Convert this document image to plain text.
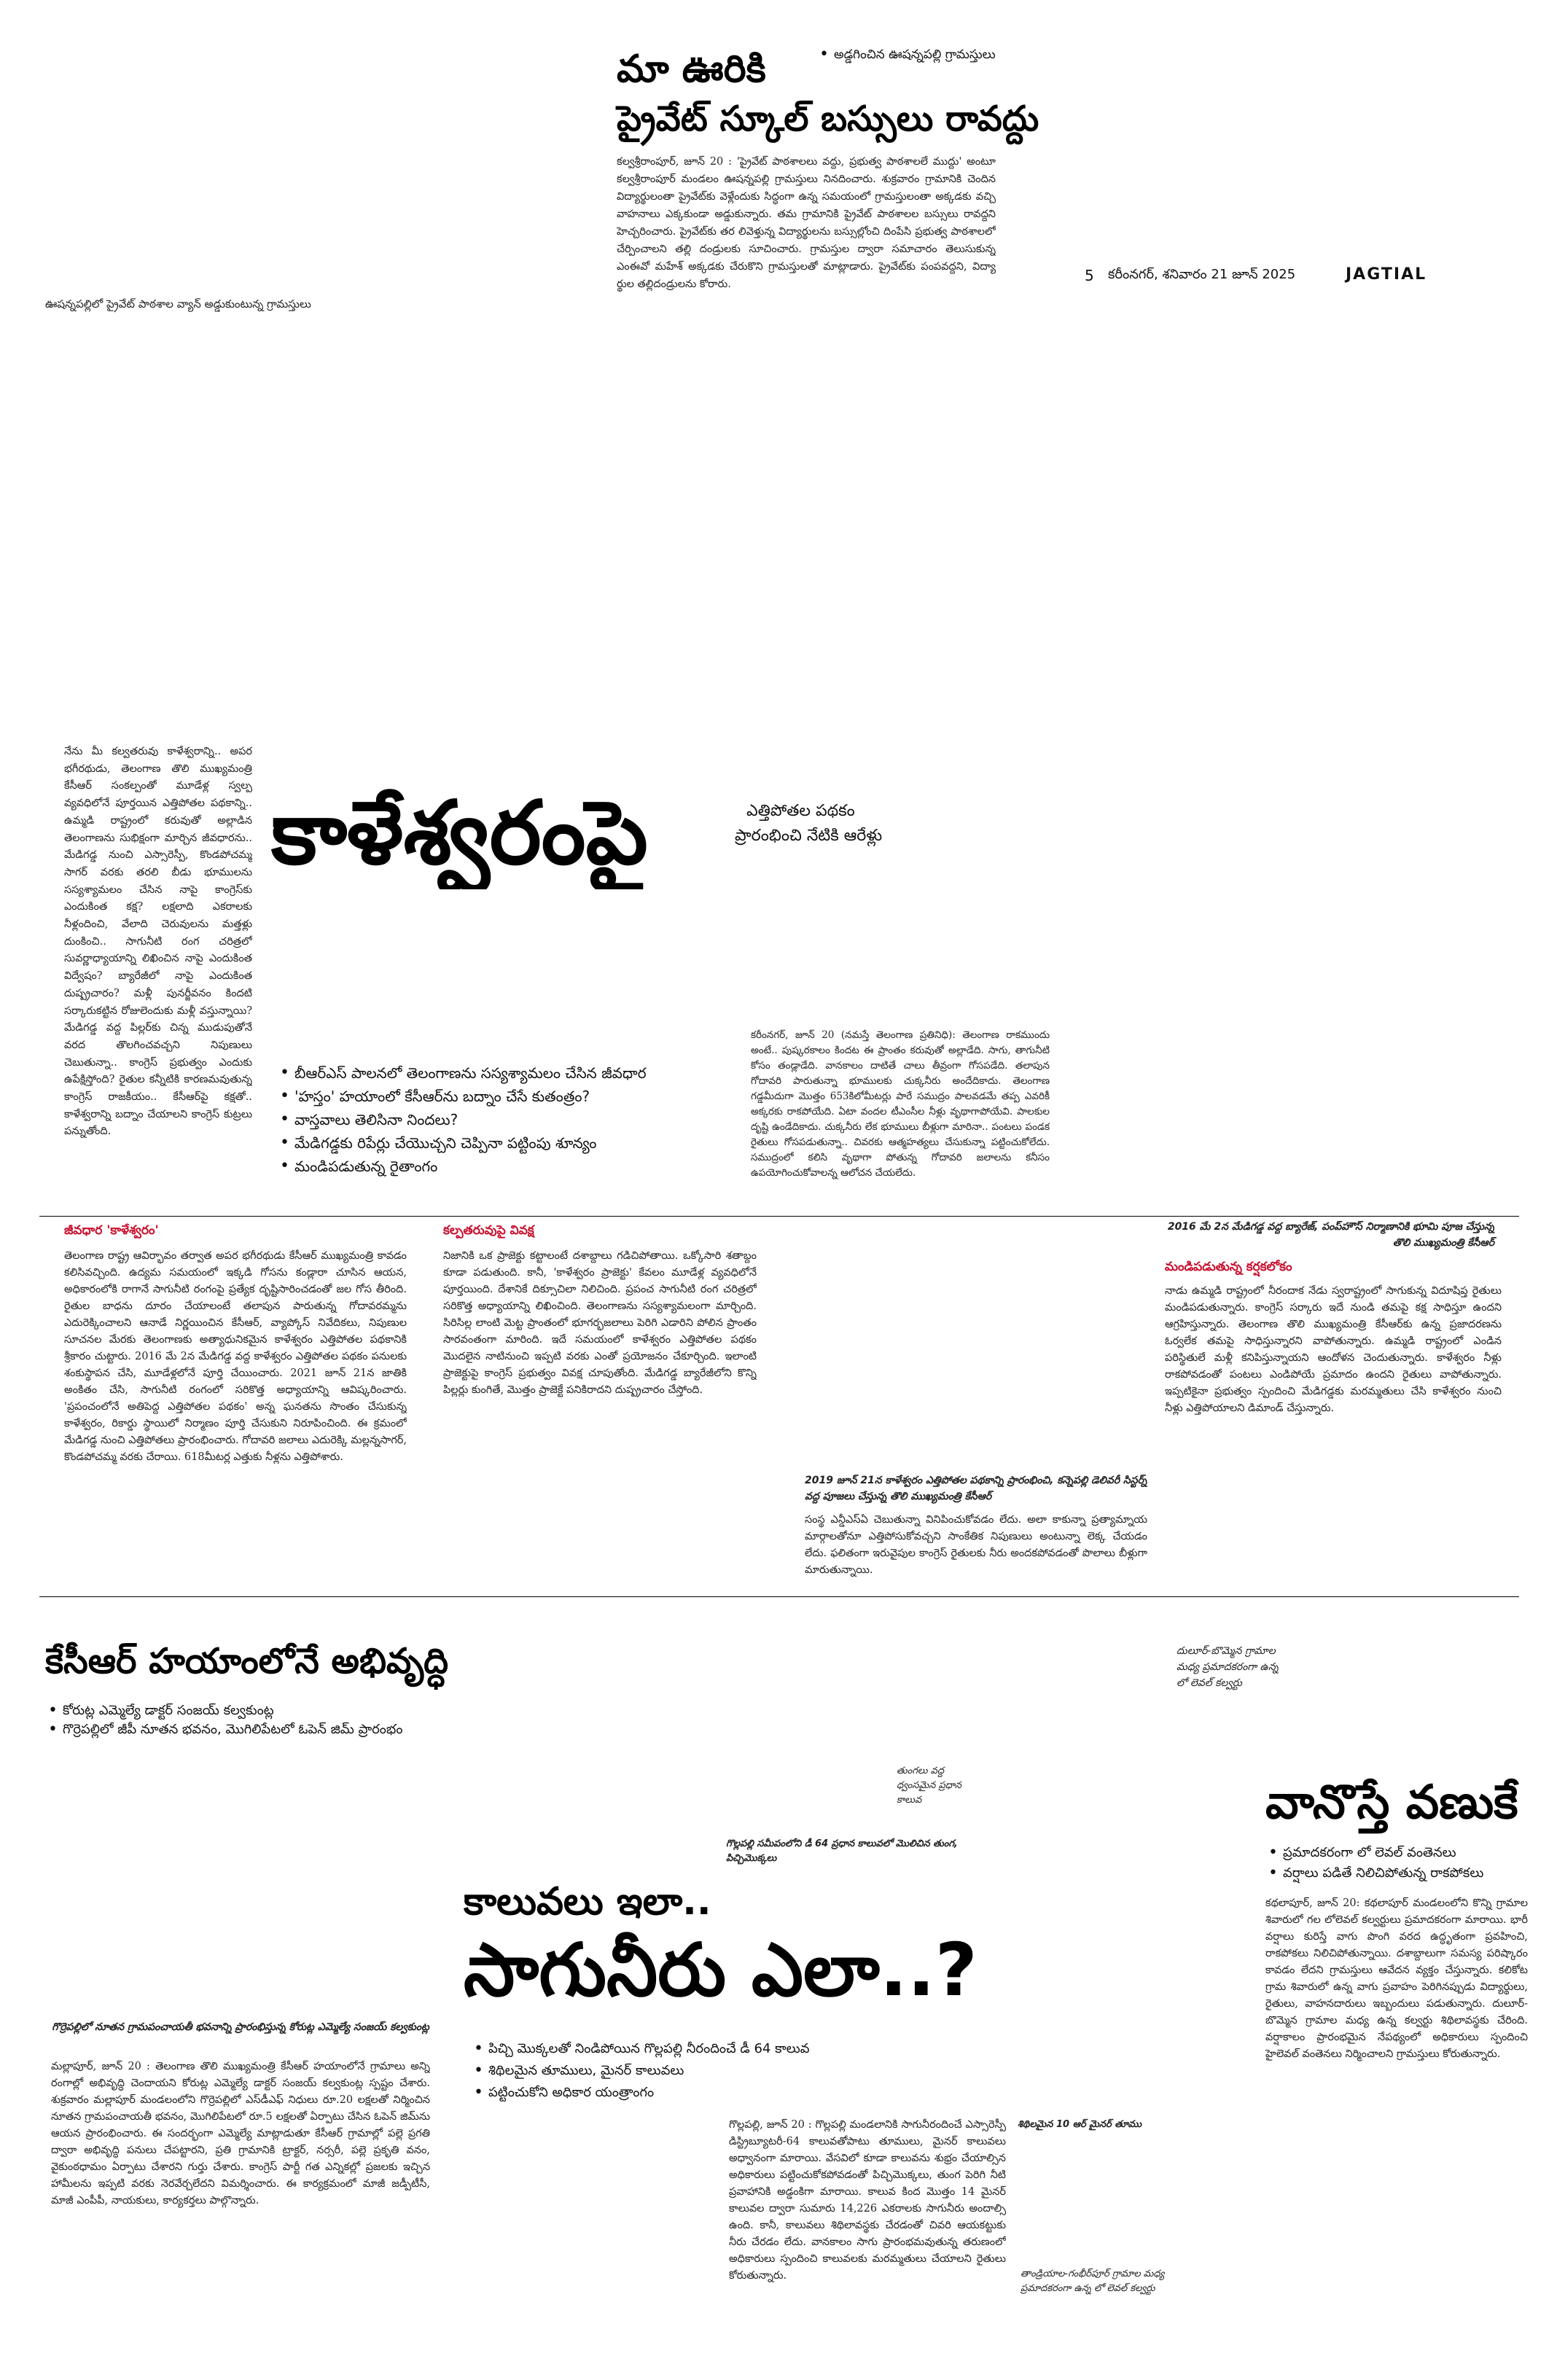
5 కరీంనగర్, శనివారం 21 జూన్ 2025	JAGTIAL
ఊషన్నపల్లిలో ప్రైవేట్ పాఠశాల వ్యాన్ అడ్డుకుంటున్న గ్రామస్తులు
మా ఊరికి
ప్రైవేట్ స్కూల్ బస్సులు రావద్దు
• అడ్డగించిన ఊషన్నపల్లి గ్రామస్తులు
కల్వశ్రీరాంపూర్, జూన్ 20 : 'ప్రైవేట్ పాఠశాలలు వద్దు, ప్రభుత్వ పాఠశాలలే ముద్దు' అంటూ కల్వశ్రీరాంపూర్ మండలం ఊషన్నపల్లి గ్రామస్తులు నినదించారు. శుక్రవారం గ్రామానికి చెందిన విద్యార్థులంతా ప్రైవేట్‌కు వెళ్లేందుకు సిద్ధంగా ఉన్న సమయంలో గ్రామస్తులంతా అక్కడకు వచ్చి వాహనాలు ఎక్కకుండా అడ్డుకున్నారు. తమ గ్రామానికి ప్రైవేట్ పాఠశాలల బస్సులు రావద్దని హెచ్చరించారు. ప్రైవేట్‌కు తర లివెళ్తున్న విద్యార్థులను బస్సుల్లోంచి దింపేసి ప్రభుత్వ పాఠశాలలో చేర్పించాలని తల్లి దండ్రులకు సూచించారు. గ్రామస్తుల ద్వారా సమాచారం తెలుసుకున్న ఎంఈవో మహేశ్ అక్కడకు చేరుకొని గ్రామస్తులతో మాట్లాడారు. ప్రైవేట్‌కు పంపవద్దని, విద్యా ర్థుల తల్లిదండ్రులను కోరారు.
నేను మీ కల్వతరువు కాళేశ్వరాన్ని.. అపర భగీరథుడు, తెలంగాణ తొలి ముఖ్యమంత్రి కేసీఆర్ సంకల్పంతో మూడేళ్ల స్వల్ప వ్యవధిలోనే పూర్తయిన ఎత్తిపోతల పథకాన్ని.. ఉమ్మడి రాష్ట్రంలో కరువుతో అల్లాడిన తెలంగాణను సుభిక్షంగా మార్చిన జీవధారను.. మేడిగడ్డ నుంచి ఎస్సారెస్పీ, కొండపోచమ్మ సాగర్ వరకు తరలి బీడు భూములను సస్యశ్యామలం చేసిన నాపై కాంగ్రెస్‌కు ఎందుకింత కక్ష? లక్షలాది ఎకరాలకు నీళ్లందించి, వేలాది చెరువులను మత్తళ్లు దుంకించి.. సాగునీటి రంగ చరిత్రలో సువర్ణాధ్యాయాన్ని లిఖించిన నాపై ఎందుకింత విద్వేషం? బ్యారేజీలో నాపై ఎందుకింత దుష్ప్రచారం? మళ్లీ పునర్జీవనం కిందటి సర్కారుకట్టిన రోజులెందుకు మళ్లీ వస్తున్నాయి? మేడిగడ్డ వద్ద పిల్లర్‌కు చిన్న ముడుపుతోనే వరద తొలగించవచ్చని నిపుణులు చెబుతున్నా.. కాంగ్రెస్ ప్రభుత్వం ఎందుకు ఉపేక్షిస్తోంది? రైతుల కన్నీటికి కారణమవుతున్న కాంగ్రెస్ రాజకీయం.. కేసీఆర్‌పై కక్షతో.. కాళేశ్వరాన్ని బద్నాం చేయాలని కాంగ్రెస్ కుట్రలు పన్నుతోంది.
కాళేశ్వరంపై	ఎత్తిపోతల పథకం
ప్రారంభించి నేటికి ఆరేళ్లు
• బీఆర్‌ఎస్ పాలనలో తెలంగాణను సస్యశ్యామలం చేసిన జీవధార
• 'హస్తం' హయాంలో కేసీఆర్‌ను బద్నాం చేసే కుతంత్రం?
• వాస్తవాలు తెలిసినా నిందలు?
• మేడిగడ్డకు రిపేర్లు చేయొచ్చని చెప్పినా పట్టింపు శూన్యం
• మండిపడుతున్న రైతాంగం
కరీంనగర్, జూన్ 20 (నమస్తే తెలంగాణ ప్రతినిధి): తెలంగాణ రాకముందు అంటే.. పుష్కరకాలం కిందట ఈ ప్రాంతం కరువుతో అల్లాడేది. సాగు, తాగునీటి కోసం తండ్లాడేది. వానకాలం దాటితే చాలు తీవ్రంగా గోసపడేది. తలాపున గోదావరి పారుతున్నా భూములకు చుక్కనీరు అందేదికాదు. తెలంగాణ గడ్డమీదుగా మొత్తం 653కిలోమీటర్లు పారే సముద్రం పాలవడమే తప్ప ఎవరికీ అక్కరకు రాకపోయేది. ఏటా వందల టీఎంసీల నీళ్లు వృథాగాపోయేవి. పాలకుల దృష్టి ఉండేదికాదు. చుక్కనీరు లేక భూములు బీళ్లుగా మారినా.. పంటలు పండక రైతులు గోసపడుతున్నా.. చివరకు ఆత్మహత్యలు చేసుకున్నా పట్టించుకోలేదు. సముద్రంలో కలిసి వృథాగా పోతున్న గోదావరి జలాలను కనీసం ఉపయోగించుకోవాలన్న ఆలోచన చేయలేదు.
జీవధార 'కాళేశ్వరం'
తెలంగాణ రాష్ట్ర ఆవిర్భావం తర్వాత అపర భగీరథుడు కేసీఆర్ ముఖ్యమంత్రి కావడం కలిసివచ్చింది. ఉద్యమ సమయంలో ఇక్కడి గోసను కండ్లారా చూసిన ఆయన, అధికారంలోకి రాగానే సాగునీటి రంగంపై ప్రత్యేక దృష్టిసారించడంతో జల గోస తీరింది. రైతుల బాధను దూరం చేయాలంటే తలాపున పారుతున్న గోదావరమ్మను ఎదురెక్కించాలని ఆనాడే నిర్ణయించిన కేసీఆర్, వ్యాప్కోస్ నివేదికలు, నిపుణుల సూచనల మేరకు తెలంగాణకు అత్యాధునికమైన కాళేశ్వరం ఎత్తిపోతల పథకానికి శ్రీకారం చుట్టారు. 2016 మే 2న మేడిగడ్డ వద్ద కాళేశ్వరం ఎత్తిపోతల పథకం పనులకు శంకుస్థాపన చేసి, మూడేళ్లలోనే పూర్తి చేయించారు. 2021 జూన్ 21న జాతికి అంకితం చేసి, సాగునీటి రంగంలో సరికొత్త అధ్యాయాన్ని ఆవిష్కరించారు. 'ప్రపంచంలోనే అతిపెద్ద ఎత్తిపోతల పథకం' అన్న ఘనతను సొంతం చేసుకున్న కాళేశ్వరం, రికార్డు స్థాయిలో నిర్మాణం పూర్తి చేసుకుని నిరూపించింది. ఈ క్రమంలో మేడిగడ్డ నుంచి ఎత్తిపోతలు ప్రారంభించారు. గోదావరి జలాలు ఎదురెక్కి మల్లన్నసాగర్, కొండపోచమ్మ వరకు చేరాయి. 618మీటర్ల ఎత్తుకు నీళ్లను ఎత్తిపోశారు.
కల్పతరువుపై వివక్ష
నిజానికి ఒక ప్రాజెక్టు కట్టాలంటే దశాబ్దాలు గడిచిపోతాయి. ఒక్కోసారి శతాబ్దం కూడా పడుతుంది. కానీ, 'కాళేశ్వరం ప్రాజెక్టు' కేవలం మూడేళ్ల వ్యవధిలోనే పూర్తయింది. దేశానికే దిక్సూచిలా నిలిచింది. ప్రపంచ సాగునీటి రంగ చరిత్రలో సరికొత్త అధ్యాయాన్ని లిఖించింది. తెలంగాణను సస్యశ్యామలంగా మార్చింది. సిరిసిల్ల లాంటి మెట్ట ప్రాంతంలో భూగర్భజలాలు పెరిగి ఎడారిని పోలిన ప్రాంతం సారవంతంగా మారింది. ఇదే సమయంలో కాళేశ్వరం ఎత్తిపోతల పథకం మొదలైన నాటినుంచి ఇప్పటి వరకు ఎంతో ప్రయోజనం చేకూర్చింది. ఇలాంటి ప్రాజెక్టుపై కాంగ్రెస్ ప్రభుత్వం వివక్ష చూపుతోంది. మేడిగడ్డ బ్యారేజీలోని కొన్ని పిల్లర్లు కుంగితే, మొత్తం ప్రాజెక్టే పనికిరాదని దుష్ప్రచారం చేస్తోంది.
2019 జూన్ 21న కాళేశ్వరం ఎత్తిపోతల పథకాన్ని ప్రారంభించి, కన్నెపల్లి డెలివరీ సిస్టర్న్ వద్ద పూజలు చేస్తున్న తొలి ముఖ్యమంత్రి కేసీఆర్
సంస్థ ఎన్డీఎస్‌ఏ చెబుతున్నా వినిపించుకోవడం లేదు. అలా కాకున్నా ప్రత్యామ్నాయ మార్గాలతోనూ ఎత్తిపోసుకోవచ్చని సాంకేతిక నిపుణులు అంటున్నా లెక్క చేయడం లేదు. ఫలితంగా ఇరువైపుల కాంగ్రెస్ రైతులకు నీరు అందకపోవడంతో పొలాలు బీళ్లుగా మారుతున్నాయి.
2016 మే 2న మేడిగడ్డ వద్ద బ్యారేజ్, పంప్‌హౌస్ నిర్మాణానికి భూమి పూజ చేస్తున్న తొలి ముఖ్యమంత్రి కేసీఆర్
మండిపడుతున్న కర్షకలోకం
నాడు ఉమ్మడి రాష్ట్రంలో నీరందాక నేడు స్వరాష్ట్రంలో సాగుకున్న విదూషిప్త రైతులు మండిపడుతున్నారు. కాంగ్రెస్ సర్కారు ఇదే నుండి తమపై కక్ష సాధిస్తూ ఉందని ఆగ్రహిస్తున్నారు. తెలంగాణ తొలి ముఖ్యమంత్రి కేసీఆర్‌కు ఉన్న ప్రజాదరణను ఓర్వలేక తమపై సాధిస్తున్నారని వాపోతున్నారు. ఉమ్మడి రాష్ట్రంలో ఎండిన పరిస్థితులే మళ్లీ కనిపిస్తున్నాయని ఆందోళన చెందుతున్నారు. కాళేశ్వరం నీళ్లు రాకపోవడంతో పంటలు ఎండిపోయే ప్రమాదం ఉందని రైతులు వాపోతున్నారు. ఇప్పటికైనా ప్రభుత్వం స్పందించి మేడిగడ్డకు మరమ్మతులు చేసి కాళేశ్వరం నుంచి నీళ్లు ఎత్తిపోయాలని డిమాండ్ చేస్తున్నారు.
కేసీఆర్ హయాంలోనే అభివృద్ధి
• కోరుట్ల ఎమ్మెల్యే డాక్టర్ సంజయ్ కల్వకుంట్ల
• గొర్రెపల్లిలో జీపీ నూతన భవనం, మొగిలిపేటలో ఓపెన్ జిమ్ ప్రారంభం
గొర్రెపల్లిలో నూతన గ్రామపంచాయతీ భవనాన్ని ప్రారంభిస్తున్న కోరుట్ల ఎమ్మెల్యే సంజయ్ కల్వకుంట్ల
మల్లాపూర్, జూన్ 20 : తెలంగాణ తొలి ముఖ్యమంత్రి కేసీఆర్ హయాంలోనే గ్రామాలు అన్ని రంగాల్లో అభివృద్ధి చెందాయని కోరుట్ల ఎమ్మెల్యే డాక్టర్ సంజయ్ కల్వకుంట్ల స్పష్టం చేశారు. శుక్రవారం మల్లాపూర్ మండలంలోని గొర్రెపల్లిలో ఎస్‌డీఎఫ్ నిధులు రూ.20 లక్షలతో నిర్మించిన నూతన గ్రామపంచాయతీ భవనం, మొగిలిపేటలో రూ.5 లక్షలతో ఏర్పాటు చేసిన ఓపెన్ జిమ్‌ను ఆయన ప్రారంభించారు. ఈ సందర్భంగా ఎమ్మెల్యే మాట్లాడుతూ కేసీఆర్ గ్రామాల్లో పల్లె ప్రగతి ద్వారా అభివృద్ధి పనులు చేపట్టారని, ప్రతి గ్రామానికి ట్రాక్టర్, నర్సరీ, పల్లె ప్రకృతి వనం, వైకుంఠధామం ఏర్పాటు చేశారని గుర్తు చేశారు. కాంగ్రెస్ పార్టీ గత ఎన్నికల్లో ప్రజలకు ఇచ్చిన హామీలను ఇప్పటి వరకు నెరవేర్చలేదని విమర్శించారు. ఈ కార్యక్రమంలో మాజీ జడ్పీటీసీ, మాజీ ఎంపీపీ, నాయకులు, కార్యకర్తలు పాల్గొన్నారు.
దులూర్-బొమ్మెన గ్రామాల మధ్య ప్రమాదకరంగా ఉన్న లో లెవల్ కల్వర్టు
వానొస్తే వణుకే
• ప్రమాదకరంగా లో లెవల్ వంతెనలు
• వర్షాలు పడితే నిలిచిపోతున్న రాకపోకలు
కథలాపూర్, జూన్ 20: కథలాపూర్ మండలంలోని కొన్ని గ్రామాల శివారులో గల లోలెవల్ కల్వర్టులు ప్రమాదకరంగా మారాయి. భారీ వర్షాలు కురిస్తే వాగు పొంగి వరద ఉద్ధృతంగా ప్రవహించి, రాకపోకలు నిలిచిపోతున్నాయి. దశాబ్దాలుగా సమస్య పరిష్కారం కావడం లేదని గ్రామస్తులు ఆవేదన వ్యక్తం చేస్తున్నారు. కలికోట గ్రామ శివారులో ఉన్న వాగు ప్రవాహం పెరిగినప్పుడు విద్యార్థులు, రైతులు, వాహనదారులు ఇబ్బందులు పడుతున్నారు. దులూర్-బొమ్మెన గ్రామాల మధ్య ఉన్న కల్వర్టు శిథిలావస్థకు చేరింది. వర్షాకాలం ప్రారంభమైన నేపథ్యంలో అధికారులు స్పందించి హైలెవల్ వంతెనలు నిర్మించాలని గ్రామస్తులు కోరుతున్నారు.
తుంగలు వద్ద ధ్వంసమైన ప్రధాన కాలువ
గొల్లపల్లి సమీపంలోని డీ 64 ప్రధాన కాలువలో మొలిచిన తుంగ, పిచ్చిమొక్కలు
కాలువలు ఇలా..
సాగునీరు ఎలా..?
• పిచ్చి మొక్కలతో నిండిపోయిన గొల్లపల్లి నీరందించే డీ 64 కాలువ
• శిథిలమైన తూములు, మైనర్ కాలువలు
• పట్టించుకోని అధికార యంత్రాంగం
గొల్లపల్లి, జూన్ 20 : గొల్లపల్లి మండలానికి సాగునీరందించే ఎస్సారెస్పీ డిస్ట్రిబ్యూటరీ-64 కాలువతోపాటు తూములు, మైనర్ కాలువలు అధ్వానంగా మారాయి. వేసవిలో కూడా కాలువను శుభ్రం చేయాల్సిన అధికారులు పట్టించుకోకపోవడంతో పిచ్చిమొక్కలు, తుంగ పెరిగి నీటి ప్రవాహానికి అడ్డంకిగా మారాయి. కాలువ కింద మొత్తం 14 మైనర్ కాలువల ద్వారా సుమారు 14,226 ఎకరాలకు సాగునీరు అందాల్సి ఉంది. కానీ, కాలువలు శిథిలావస్థకు చేరడంతో చివరి ఆయకట్టుకు నీరు చేరడం లేదు. వానకాలం సాగు ప్రారంభమవుతున్న తరుణంలో అధికారులు స్పందించి కాలువలకు మరమ్మతులు చేయాలని రైతులు కోరుతున్నారు.
శిథిలమైన 10 ఆర్ మైనర్ తూము
తాండ్రియాల-గంభీర్‌పూర్ గ్రామాల మధ్య ప్రమాదకరంగా ఉన్న లో లెవల్ కల్వర్టు
